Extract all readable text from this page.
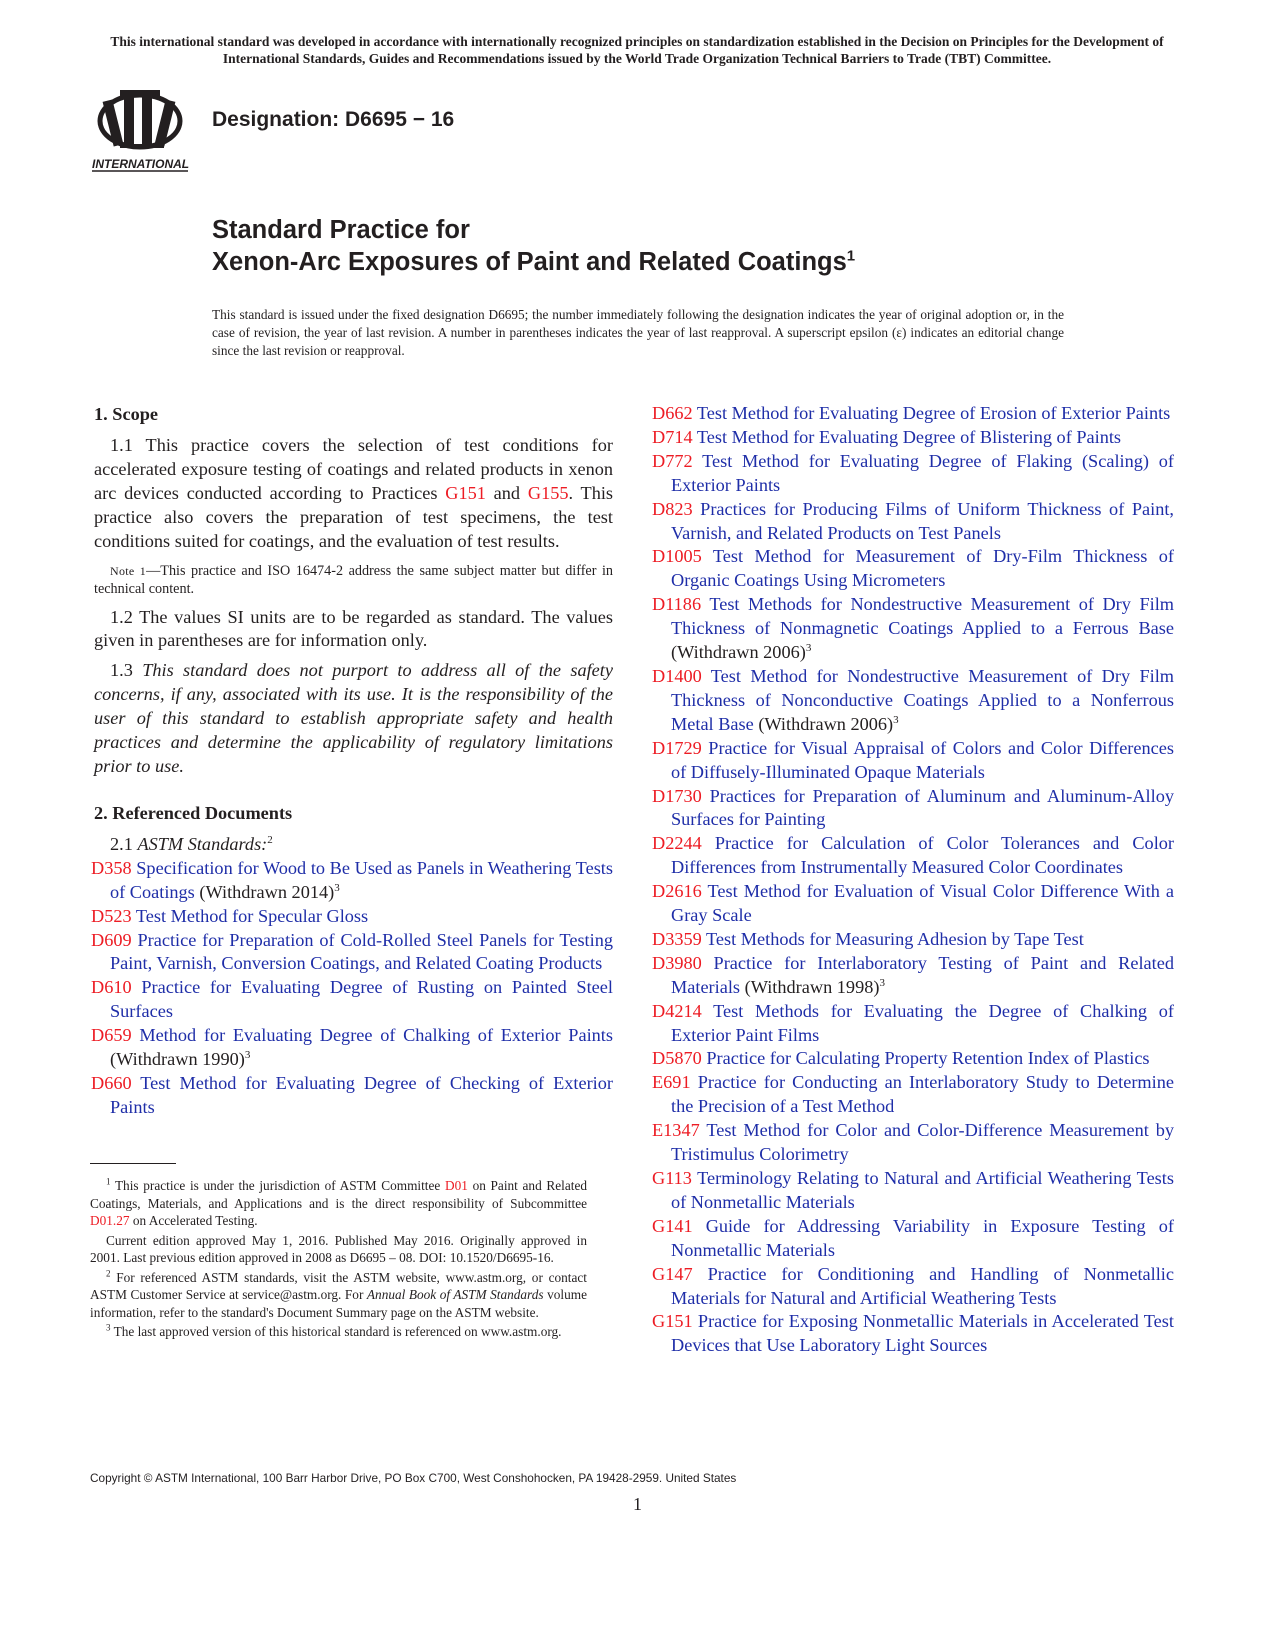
This international standard was developed in accordance with internationally recognized principles on standardization established in the Decision on Principles for the Development of International Standards, Guides and Recommendations issued by the World Trade Organization Technical Barriers to Trade (TBT) Committee.
INTERNATIONAL
Designation: D6695 − 16
Standard Practice for
Xenon-Arc Exposures of Paint and Related Coatings$^1$
This standard is issued under the fixed designation D6695; the number immediately following the designation indicates the year of original adoption or, in the case of revision, the year of last revision. A number in parentheses indicates the year of last reapproval. A superscript epsilon (ε) indicates an editorial change since the last revision or reapproval.
1. Scope

1.1 This practice covers the selection of test conditions for accelerated exposure testing of coatings and related products in xenon arc devices conducted according to Practices G151 and G155. This practice also covers the preparation of test specimens, the test conditions suited for coatings, and the evaluation of test results.

Note 1—This practice and ISO 16474-2 address the same subject matter but differ in technical content.

1.2 The values SI units are to be regarded as standard. The values given in parentheses are for information only.

1.3 This standard does not purport to address all of the safety concerns, if any, associated with its use. It is the responsibility of the user of this standard to establish appropriate safety and health practices and determine the applicability of regulatory limitations prior to use.

2. Referenced Documents

2.1 ASTM Standards:$^2$

D358 Specification for Wood to Be Used as Panels in Weathering Tests of Coatings (Withdrawn 2014)$^3$
D523 Test Method for Specular Gloss
D609 Practice for Preparation of Cold-Rolled Steel Panels for Testing Paint, Varnish, Conversion Coatings, and Related Coating Products
D610 Practice for Evaluating Degree of Rusting on Painted Steel Surfaces
D659 Method for Evaluating Degree of Chalking of Exterior Paints (Withdrawn 1990)$^3$
D660 Test Method for Evaluating Degree of Checking of Exterior Paints
D662 Test Method for Evaluating Degree of Erosion of Exterior Paints
D714 Test Method for Evaluating Degree of Blistering of Paints
D772 Test Method for Evaluating Degree of Flaking (Scaling) of Exterior Paints
D823 Practices for Producing Films of Uniform Thickness of Paint, Varnish, and Related Products on Test Panels
D1005 Test Method for Measurement of Dry-Film Thickness of Organic Coatings Using Micrometers
D1186 Test Methods for Nondestructive Measurement of Dry Film Thickness of Nonmagnetic Coatings Applied to a Ferrous Base (Withdrawn 2006)$^3$
D1400 Test Method for Nondestructive Measurement of Dry Film Thickness of Nonconductive Coatings Applied to a Nonferrous Metal Base (Withdrawn 2006)$^3$
D1729 Practice for Visual Appraisal of Colors and Color Differences of Diffusely-Illuminated Opaque Materials
D1730 Practices for Preparation of Aluminum and Aluminum-Alloy Surfaces for Painting
D2244 Practice for Calculation of Color Tolerances and Color Differences from Instrumentally Measured Color Coordinates
D2616 Test Method for Evaluation of Visual Color Difference With a Gray Scale
D3359 Test Methods for Measuring Adhesion by Tape Test
D3980 Practice for Interlaboratory Testing of Paint and Related Materials (Withdrawn 1998)$^3$
D4214 Test Methods for Evaluating the Degree of Chalking of Exterior Paint Films
D5870 Practice for Calculating Property Retention Index of Plastics
E691 Practice for Conducting an Interlaboratory Study to Determine the Precision of a Test Method
E1347 Test Method for Color and Color-Difference Measurement by Tristimulus Colorimetry
G113 Terminology Relating to Natural and Artificial Weathering Tests of Nonmetallic Materials
G141 Guide for Addressing Variability in Exposure Testing of Nonmetallic Materials
G147 Practice for Conditioning and Handling of Nonmetallic Materials for Natural and Artificial Weathering Tests
G151 Practice for Exposing Nonmetallic Materials in Accelerated Test Devices that Use Laboratory Light Sources

$^1$ This practice is under the jurisdiction of ASTM Committee D01 on Paint and Related Coatings, Materials, and Applications and is the direct responsibility of Subcommittee D01.27 on Accelerated Testing.

Current edition approved May 1, 2016. Published May 2016. Originally approved in 2001. Last previous edition approved in 2008 as D6695 – 08. DOI: 10.1520/D6695-16.

$^2$ For referenced ASTM standards, visit the ASTM website, www.astm.org, or contact ASTM Customer Service at service@astm.org. For Annual Book of ASTM Standards volume information, refer to the standard's Document Summary page on the ASTM website.

$^3$ The last approved version of this historical standard is referenced on www.astm.org.

Copyright © ASTM International, 100 Barr Harbor Drive, PO Box C700, West Conshohocken, PA 19428-2959. United States
1
